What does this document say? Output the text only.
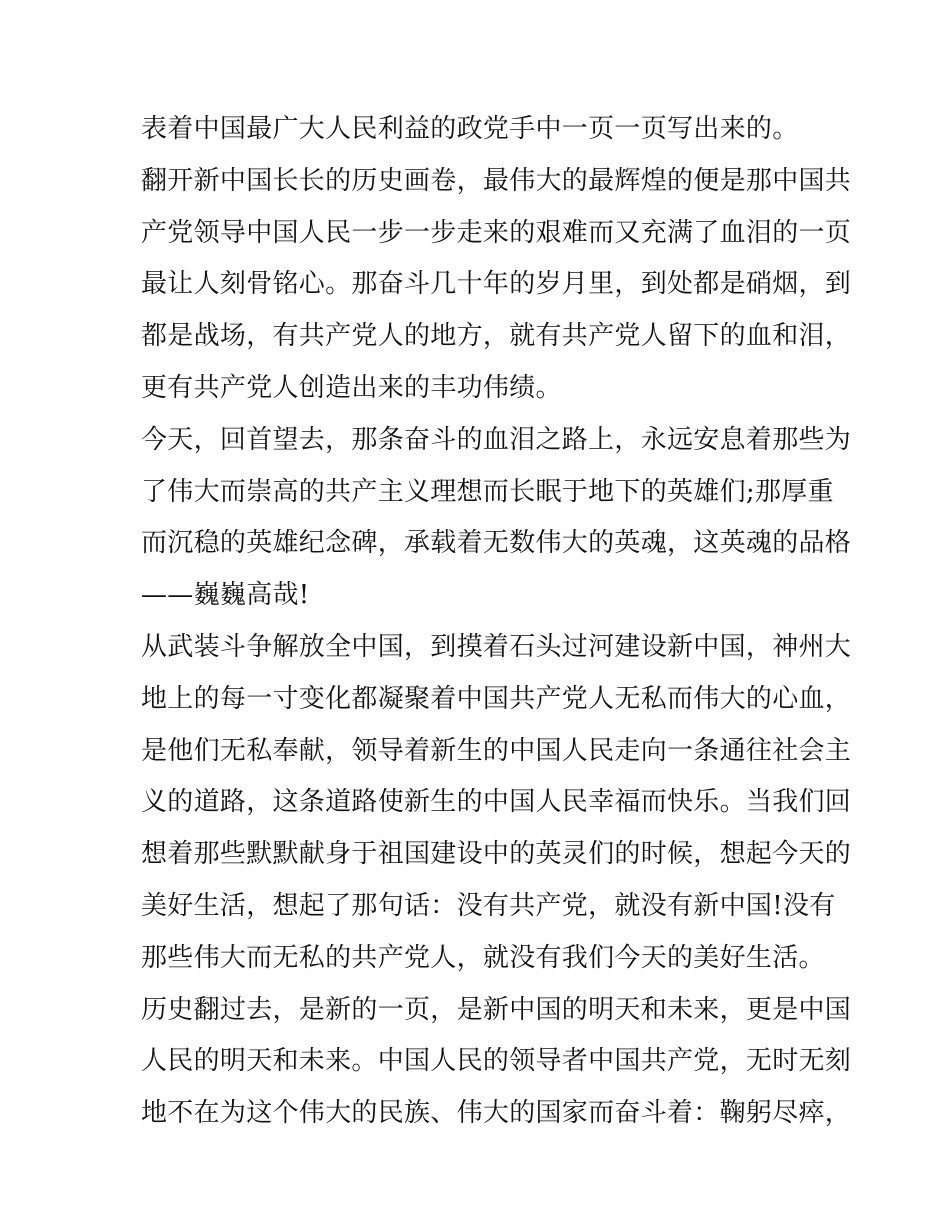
表着中国最广大人民利益的政党手中一页一页写出来的。
翻开新中国长长的历史画卷，最伟大的最辉煌的便是那中国共
产党领导中国人民一步一步走来的艰难而又充满了血泪的一页
最让人刻骨铭心。那奋斗几十年的岁月里，到处都是硝烟，到
都是战场，有共产党人的地方，就有共产党人留下的血和泪，
更有共产党人创造出来的丰功伟绩。
今天，回首望去，那条奋斗的血泪之路上，永远安息着那些为
了伟大而崇高的共产主义理想而长眠于地下的英雄们;那厚重
而沉稳的英雄纪念碑，承载着无数伟大的英魂，这英魂的品格
——巍巍高哉!
从武装斗争解放全中国，到摸着石头过河建设新中国，神州大
地上的每一寸变化都凝聚着中国共产党人无私而伟大的心血，
是他们无私奉献，领导着新生的中国人民走向一条通往社会主
义的道路，这条道路使新生的中国人民幸福而快乐。当我们回
想着那些默默献身于祖国建设中的英灵们的时候，想起今天的
美好生活，想起了那句话：没有共产党，就没有新中国!没有
那些伟大而无私的共产党人，就没有我们今天的美好生活。
历史翻过去，是新的一页，是新中国的明天和未来，更是中国
人民的明天和未来。中国人民的领导者中国共产党，无时无刻
地不在为这个伟大的民族、伟大的国家而奋斗着：鞠躬尽瘁，
